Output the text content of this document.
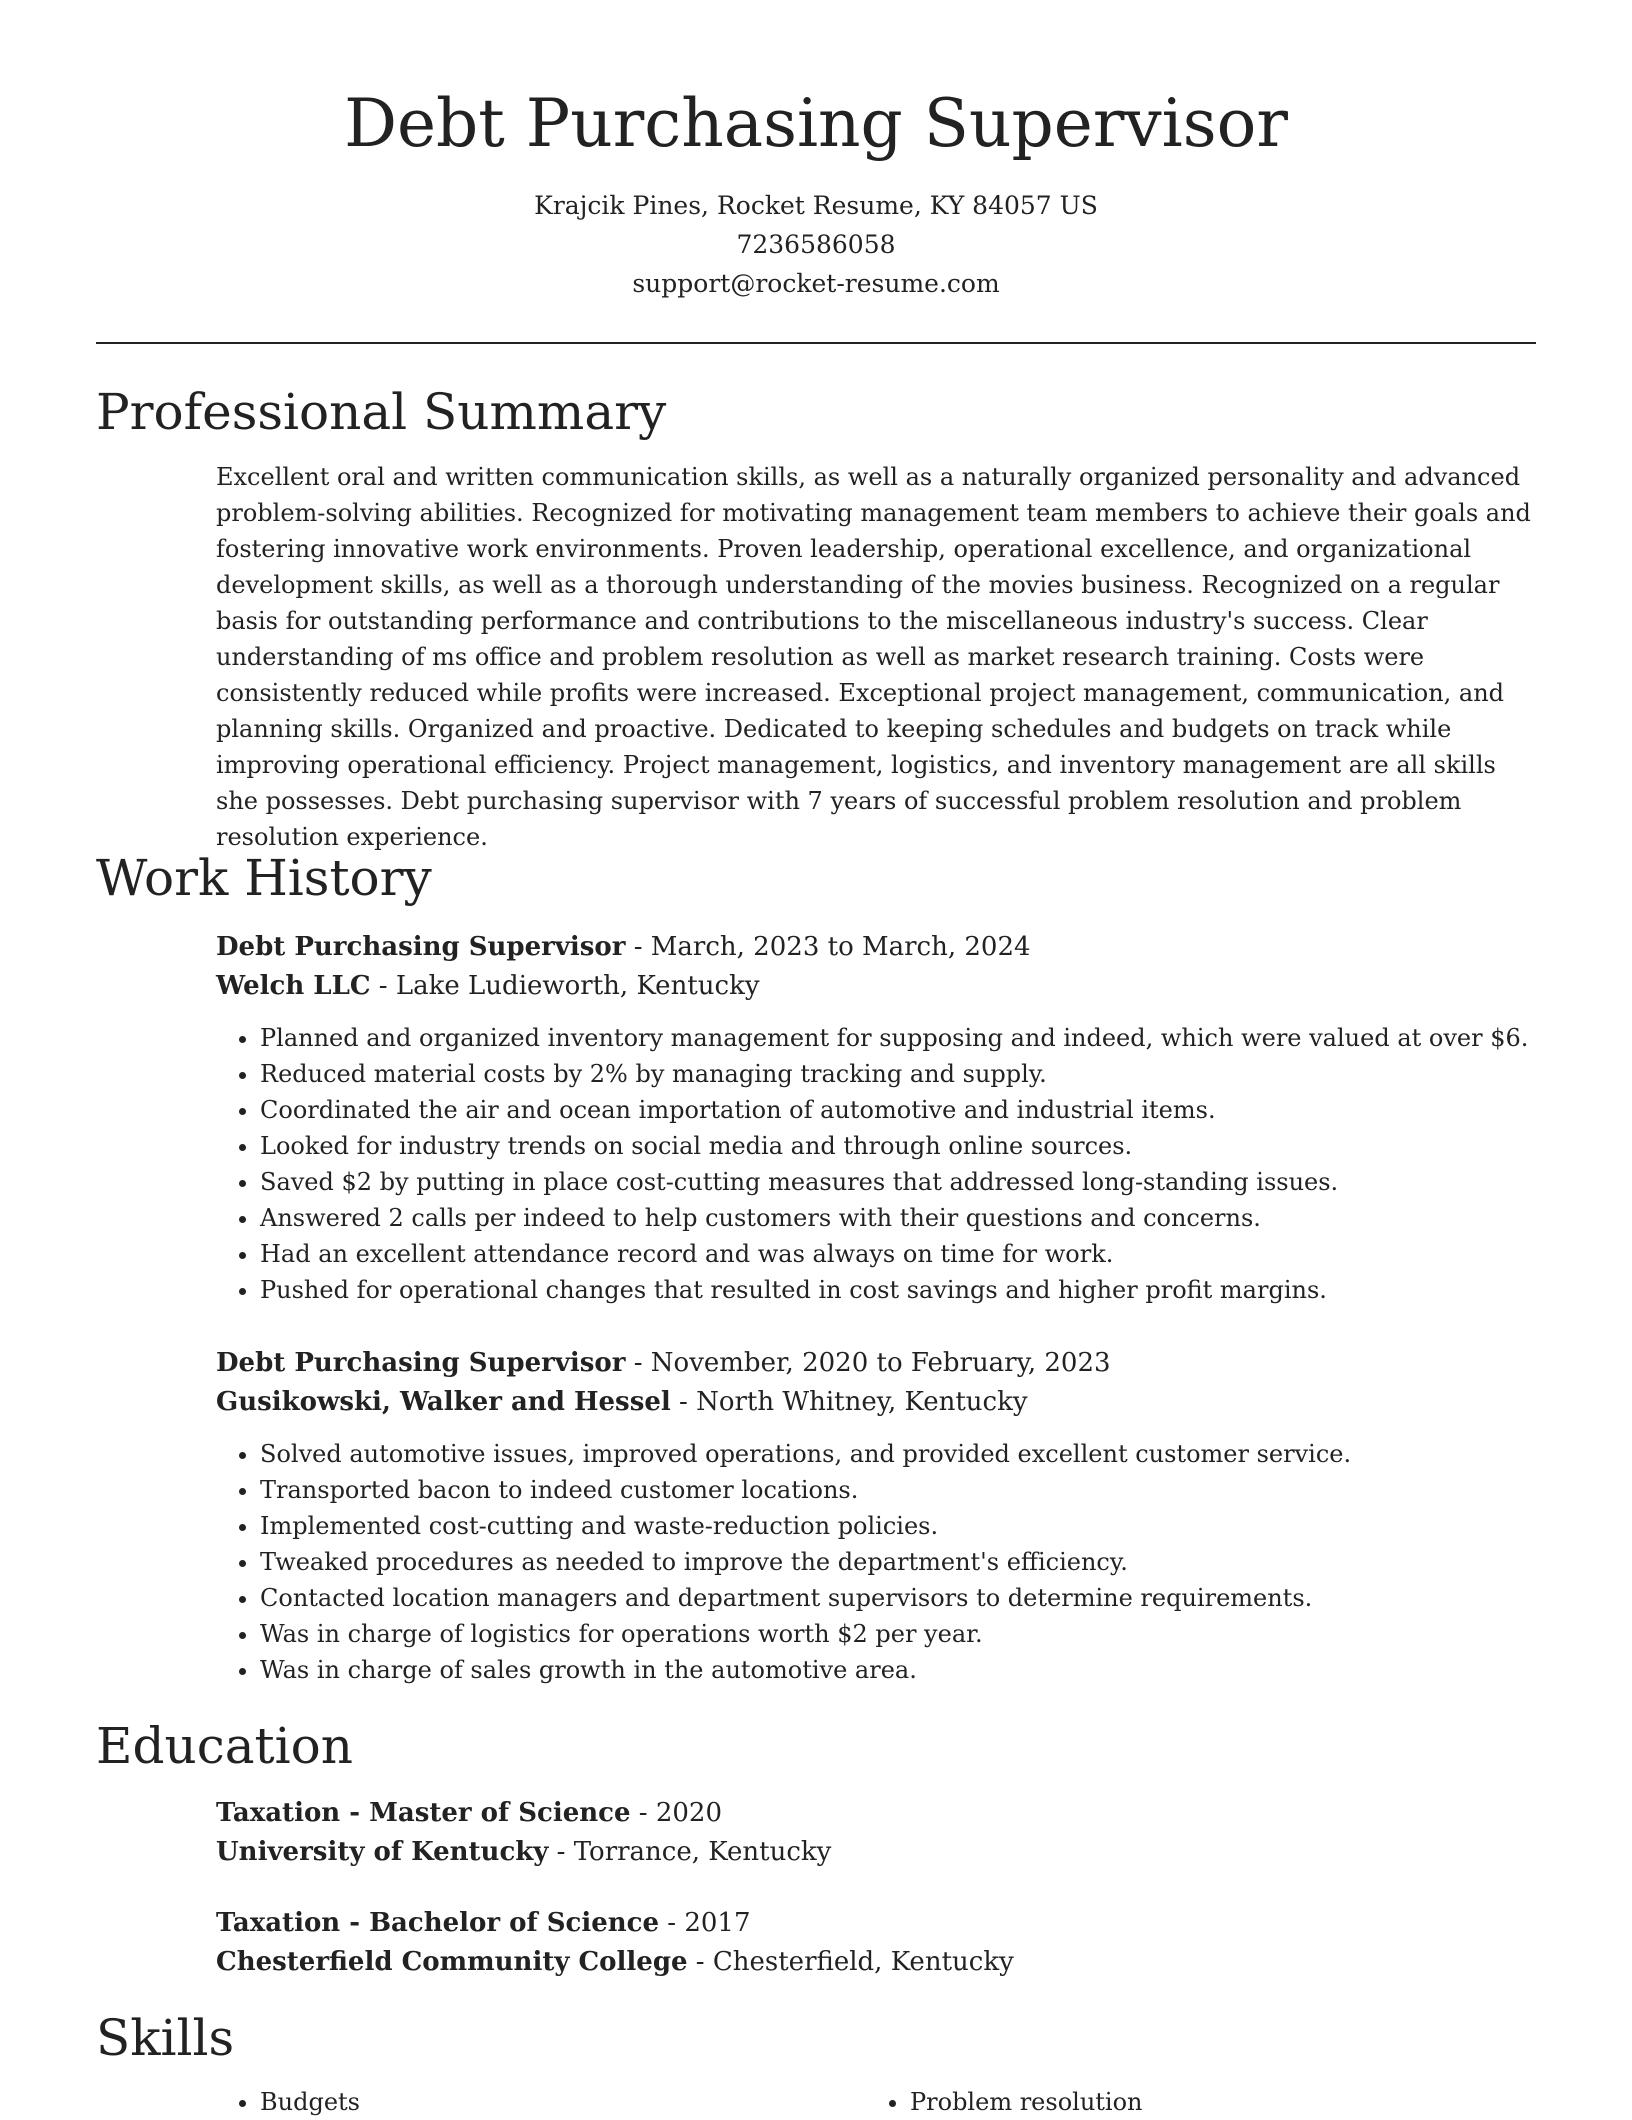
Debt Purchasing Supervisor
Krajcik Pines, Rocket Resume, KY 84057 US
7236586058
support@rocket-resume.com
Professional Summary

Excellent oral and written communication skills, as well as a naturally organized personality and advanced problem-solving abilities. Recognized for motivating management team members to achieve their goals and fostering innovative work environments. Proven leadership, operational excellence, and organizational development skills, as well as a thorough understanding of the movies business. Recognized on a regular basis for outstanding performance and contributions to the miscellaneous industry's success. Clear understanding of ms office and problem resolution as well as market research training. Costs were consistently reduced while profits were increased. Exceptional project management, communication, and planning skills. Organized and proactive. Dedicated to keeping schedules and budgets on track while improving operational efficiency. Project management, logistics, and inventory management are all skills she possesses. Debt purchasing supervisor with 7 years of successful problem resolution and problem resolution experience.

Work History
Debt Purchasing Supervisor - March, 2023 to March, 2024
Welch LLC - Lake Ludieworth, Kentucky
• Planned and organized inventory management for supposing and indeed, which were valued at over $6.
• Reduced material costs by 2% by managing tracking and supply.
• Coordinated the air and ocean importation of automotive and industrial items.
• Looked for industry trends on social media and through online sources.
• Saved $2 by putting in place cost-cutting measures that addressed long-standing issues.
• Answered 2 calls per indeed to help customers with their questions and concerns.
• Had an excellent attendance record and was always on time for work.
• Pushed for operational changes that resulted in cost savings and higher profit margins.
Debt Purchasing Supervisor - November, 2020 to February, 2023
Gusikowski, Walker and Hessel - North Whitney, Kentucky
• Solved automotive issues, improved operations, and provided excellent customer service.
• Transported bacon to indeed customer locations.
• Implemented cost-cutting and waste-reduction policies.
• Tweaked procedures as needed to improve the department's efficiency.
• Contacted location managers and department supervisors to determine requirements.
• Was in charge of logistics for operations worth $2 per year.
• Was in charge of sales growth in the automotive area.
Education
Taxation - Master of Science - 2020
University of Kentucky - Torrance, Kentucky
Taxation - Bachelor of Science - 2017
Chesterfield Community College - Chesterfield, Kentucky
Skills
• Budgets
•	Problem resolution
